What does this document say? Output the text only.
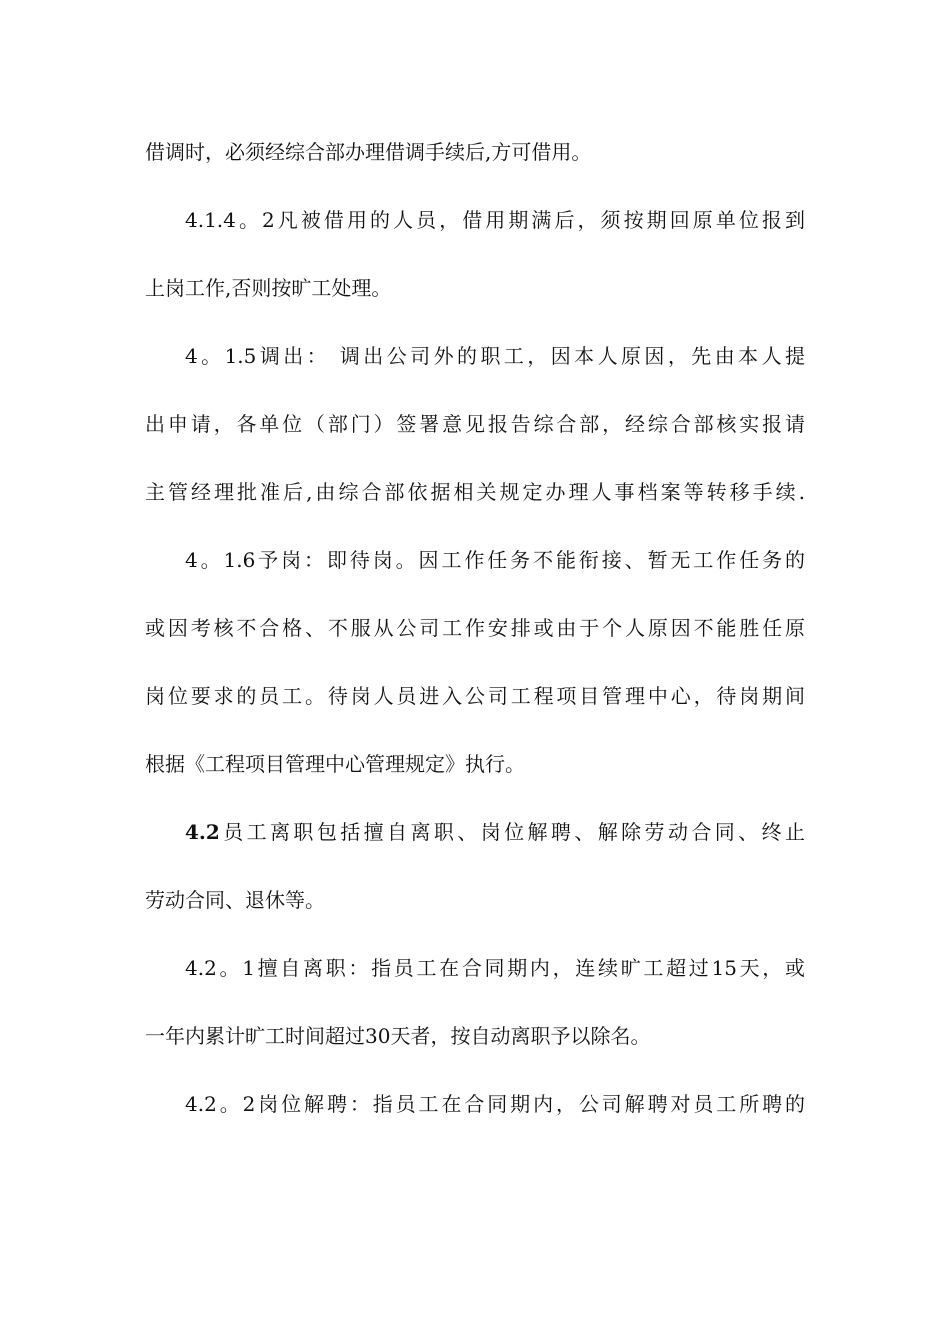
借调时，必须经综合部办理借调手续后,方可借用。
4.1.4。2凡被借用的人员，借用期满后，须按期回原单位报到
上岗工作,否则按旷工处理。
4。1.5调出： 调出公司外的职工，因本人原因，先由本人提
出申请，各单位（部门）签署意见报告综合部，经综合部核实报请
主管经理批准后,由综合部依据相关规定办理人事档案等转移手续.
4。1.6予岗：即待岗。因工作任务不能衔接、暂无工作任务的
或因考核不合格、不服从公司工作安排或由于个人原因不能胜任原
岗位要求的员工。待岗人员进入公司工程项目管理中心，待岗期间
根据《工程项目管理中心管理规定》执行。
4.2员工离职包括擅自离职、岗位解聘、解除劳动合同、终止
劳动合同、退休等。
4.2。1擅自离职：指员工在合同期内，连续旷工超过15天，或
一年内累计旷工时间超过30天者，按自动离职予以除名。
4.2。2岗位解聘：指员工在合同期内，公司解聘对员工所聘的
